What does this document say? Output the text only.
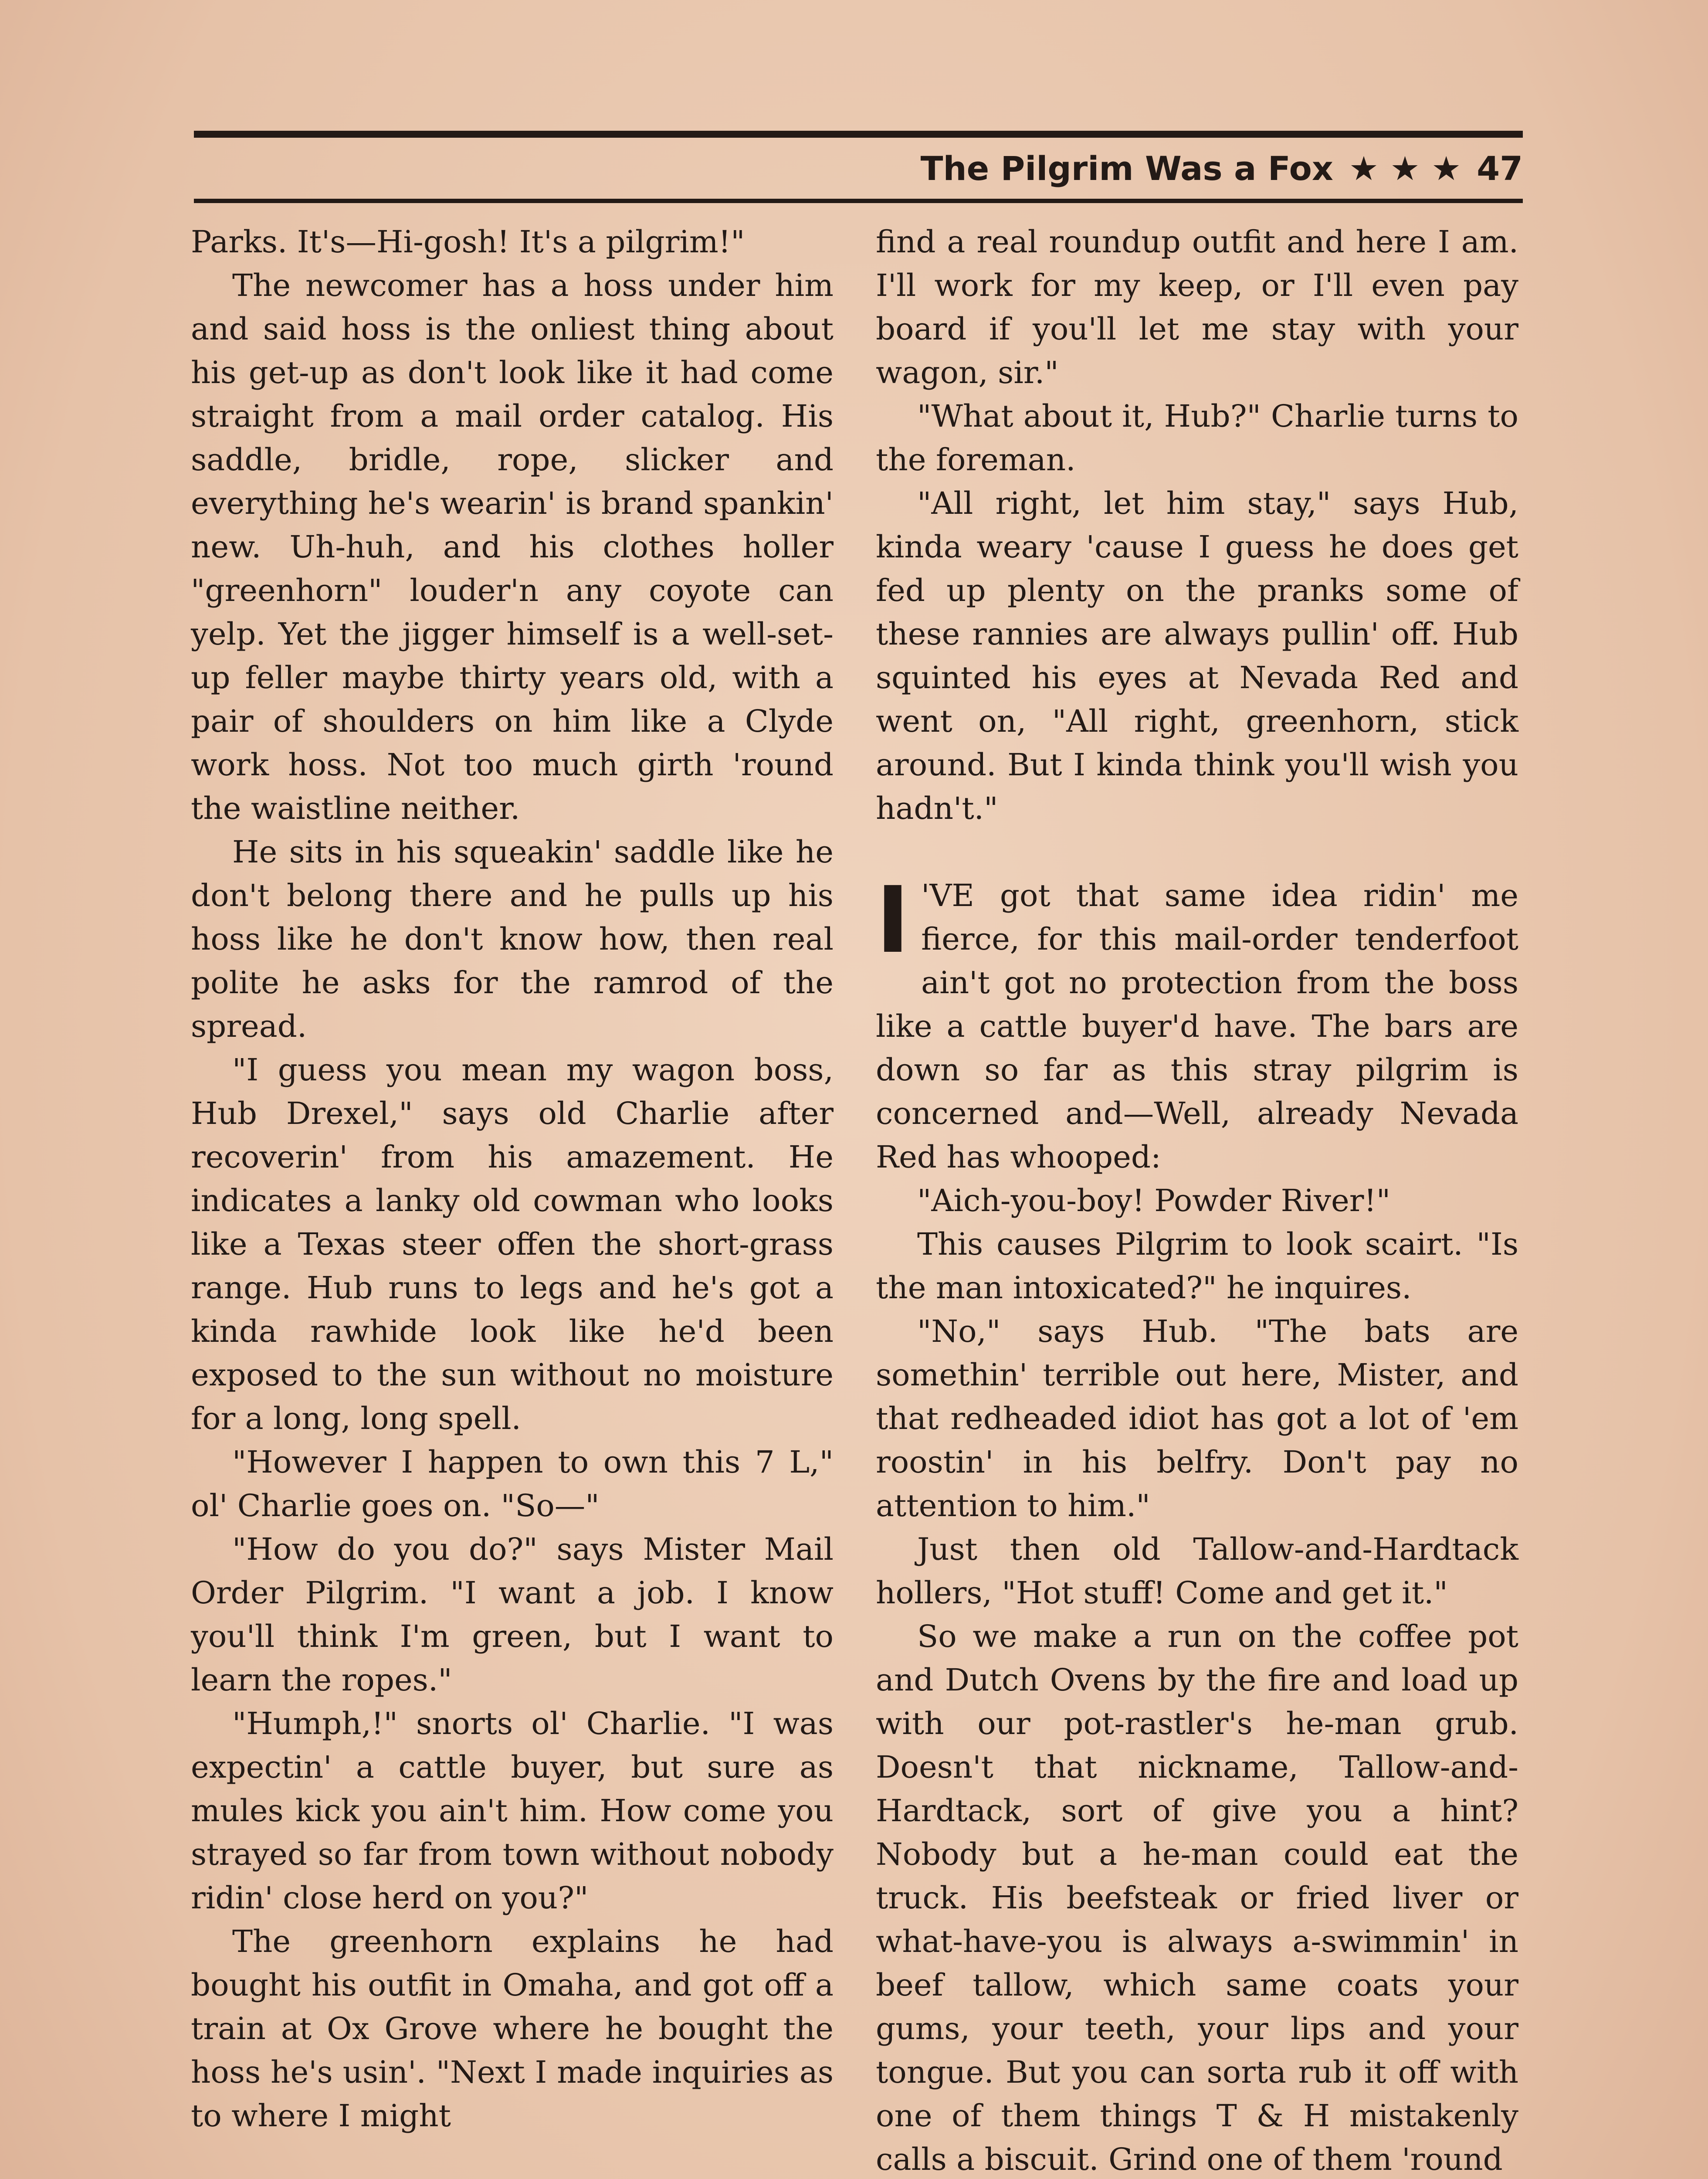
The Pilgrim Was a Fox ★ ★ ★ 47

Parks. It's—Hi-gosh! It's a pilgrim!"

The newcomer has a hoss under him and said hoss is the onliest thing about his get-up as don't look like it had come straight from a mail order catalog. His saddle, bridle, rope, slicker and everything he's wearin' is brand spankin' new. Uh-huh, and his clothes holler "greenhorn" louder'n any coyote can yelp. Yet the jigger himself is a well-set-up feller maybe thirty years old, with a pair of shoulders on him like a Clyde work hoss. Not too much girth 'round the waistline neither.

He sits in his squeakin' saddle like he don't belong there and he pulls up his hoss like he don't know how, then real polite he asks for the ramrod of the spread.

"I guess you mean my wagon boss, Hub Drexel," says old Charlie after recoverin' from his amazement. He indicates a lanky old cowman who looks like a Texas steer offen the short-grass range. Hub runs to legs and he's got a kinda rawhide look like he'd been exposed to the sun without no moisture for a long, long spell.

"However I happen to own this 7 L," ol' Charlie goes on. "So—"

"How do you do?" says Mister Mail Order Pilgrim. "I want a job. I know you'll think I'm green, but I want to learn the ropes."

"Humph,!" snorts ol' Charlie. "I was expectin' a cattle buyer, but sure as mules kick you ain't him. How come you strayed so far from town without nobody ridin' close herd on you?"

The greenhorn explains he had bought his outfit in Omaha, and got off a train at Ox Grove where he bought the hoss he's usin'. "Next I made inquiries as to where I might

find a real roundup outfit and here I am. I'll work for my keep, or I'll even pay board if you'll let me stay with your wagon, sir."

"What about it, Hub?" Charlie turns to the foreman.

"All right, let him stay," says Hub, kinda weary 'cause I guess he does get fed up plenty on the pranks some of these rannies are always pullin' off. Hub squinted his eyes at Nevada Red and went on, "All right, greenhorn, stick around. But I kinda think you'll wish you hadn't."

I 'VE got that same idea ridin' me fierce, for this mail-order tenderfoot ain't got no protection from the boss like a cattle buyer'd have. The bars are down so far as this stray pilgrim is concerned and—Well, already Nevada Red has whooped:

"Aich-you-boy! Powder River!"

This causes Pilgrim to look scairt. "Is the man intoxicated?" he inquires.

"No," says Hub. "The bats are somethin' terrible out here, Mister, and that redheaded idiot has got a lot of 'em roostin' in his belfry. Don't pay no attention to him."

Just then old Tallow-and-Hardtack hollers, "Hot stuff! Come and get it."

So we make a run on the coffee pot and Dutch Ovens by the fire and load up with our pot-rastler's he-man grub. Doesn't that nickname, Tallow-and-Hardtack, sort of give you a hint? Nobody but a he-man could eat the truck. His beefsteak or fried liver or what-have-you is always a-swimmin' in beef tallow, which same coats your gums, your teeth, your lips and your tongue. But you can sorta rub it off with one of them things T & H mistakenly calls a biscuit. Grind one of them 'round
